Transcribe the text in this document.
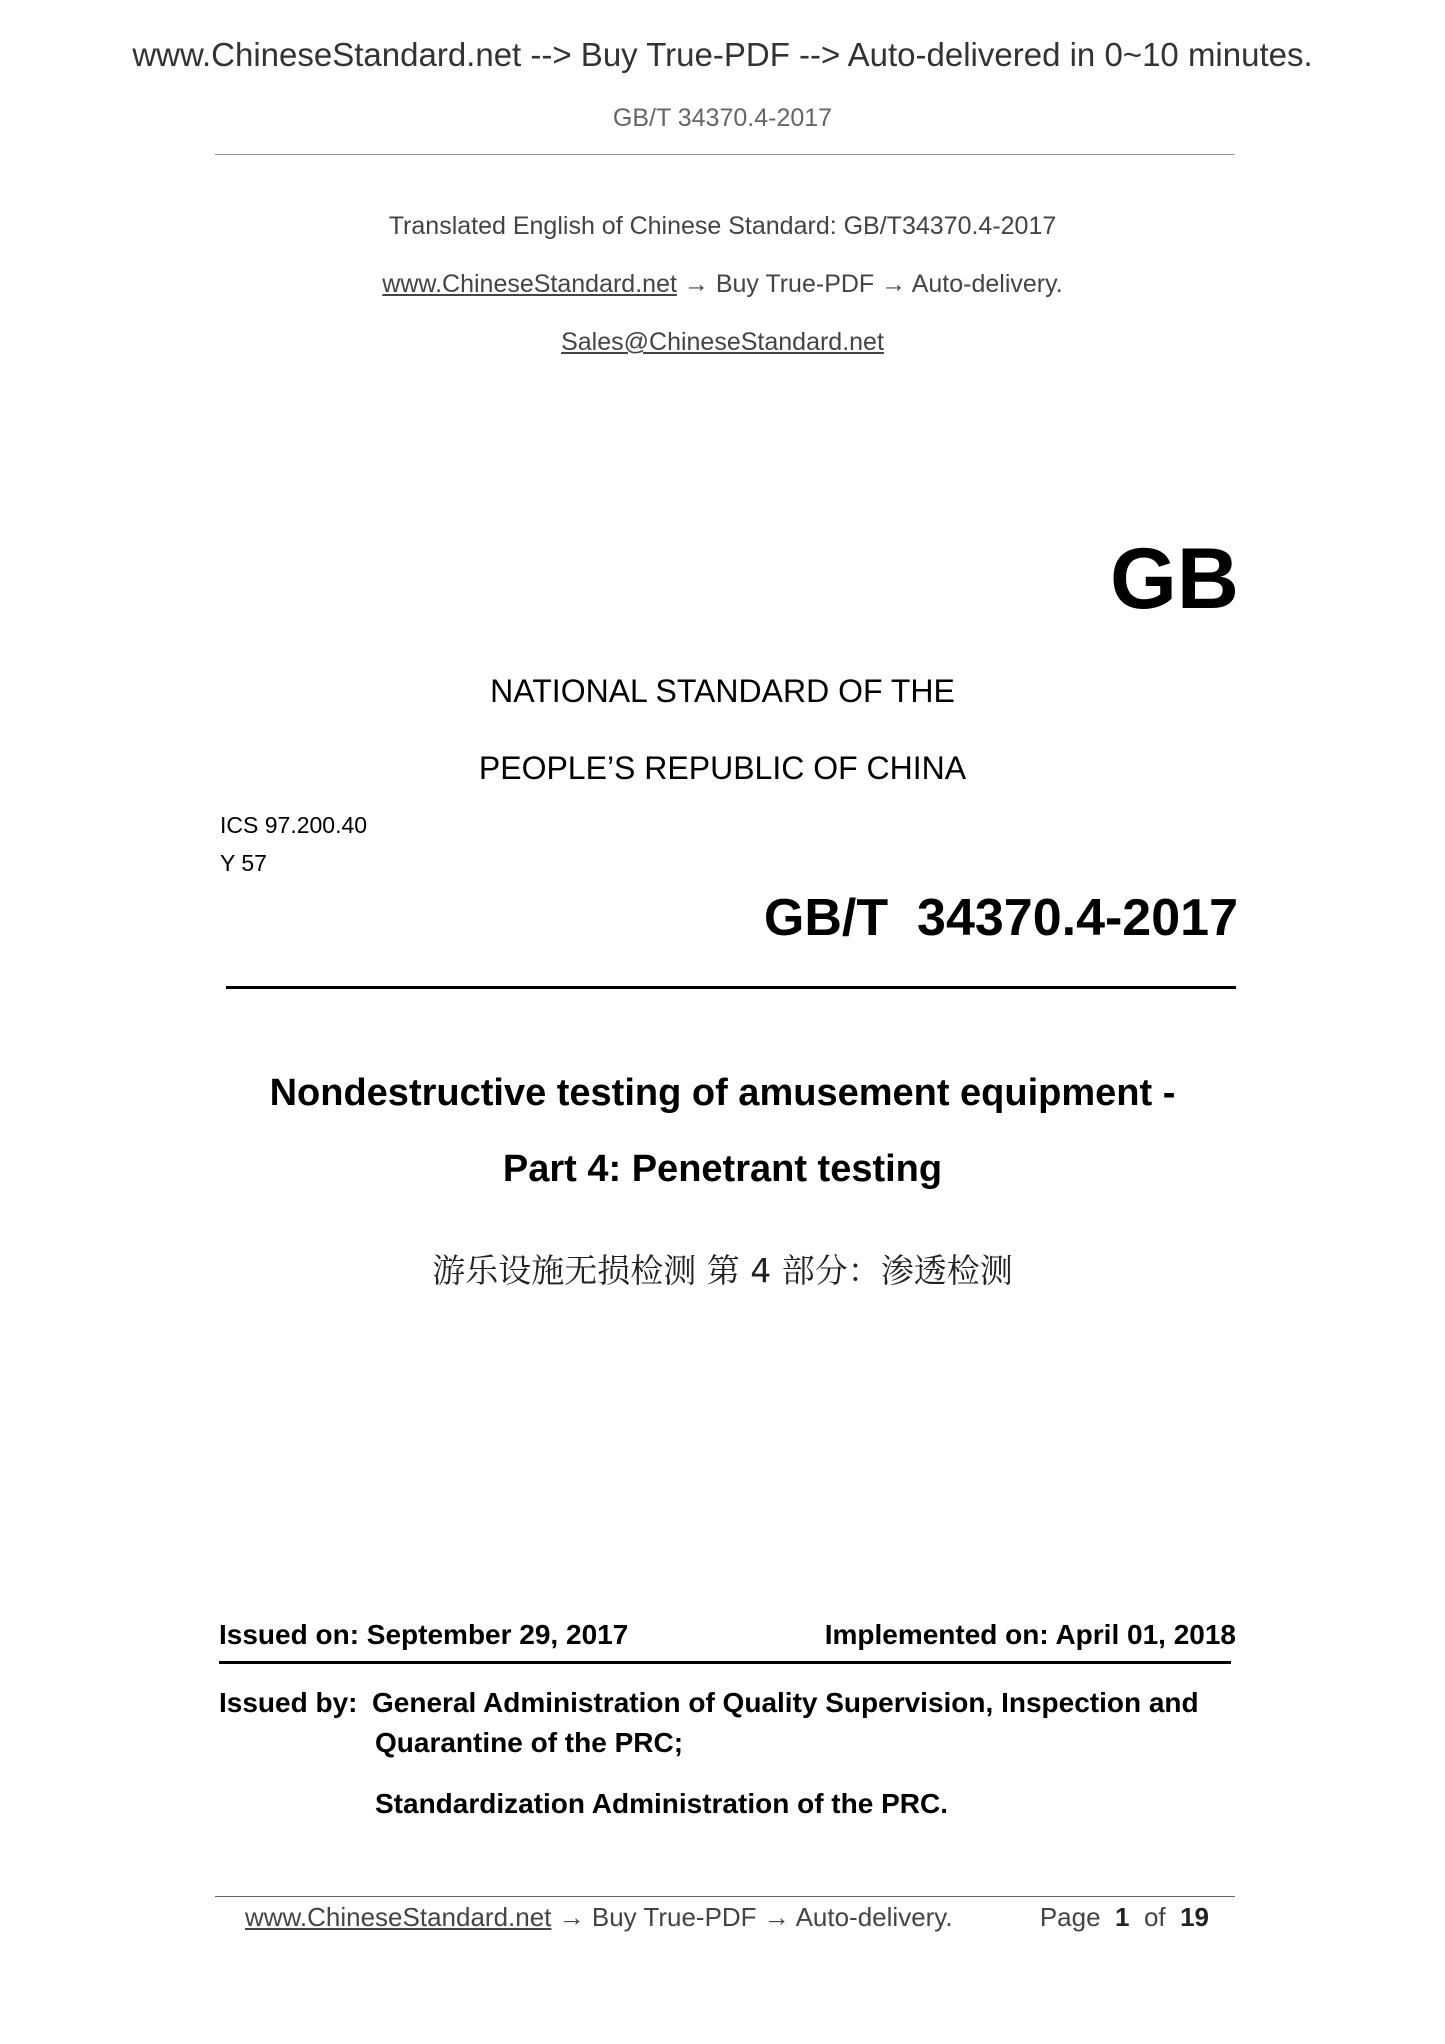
www.ChineseStandard.net --> Buy True-PDF --> Auto-delivered in 0~10 minutes.
GB/T 34370.4-2017
Translated English of Chinese Standard: GB/T34370.4-2017
www.ChineseStandard.net → Buy True-PDF → Auto-delivery.
Sales@ChineseStandard.net
GB
NATIONAL STANDARD OF THE
PEOPLE’S REPUBLIC OF CHINA
ICS 97.200.40
Y 57
GB/T  34370.4-2017
Nondestructive testing of amusement equipment -
Part 4: Penetrant testing
游乐设施无损检测 第 4 部分：渗透检测
Issued on: September 29, 2017	Implemented on: April 01, 2018
Issued by: General Administration of Quality Supervision, Inspection and
Quarantine of the PRC;
Standardization Administration of the PRC.
www.ChineseStandard.net → Buy True-PDF → Auto-delivery.	Page 1 of 19
